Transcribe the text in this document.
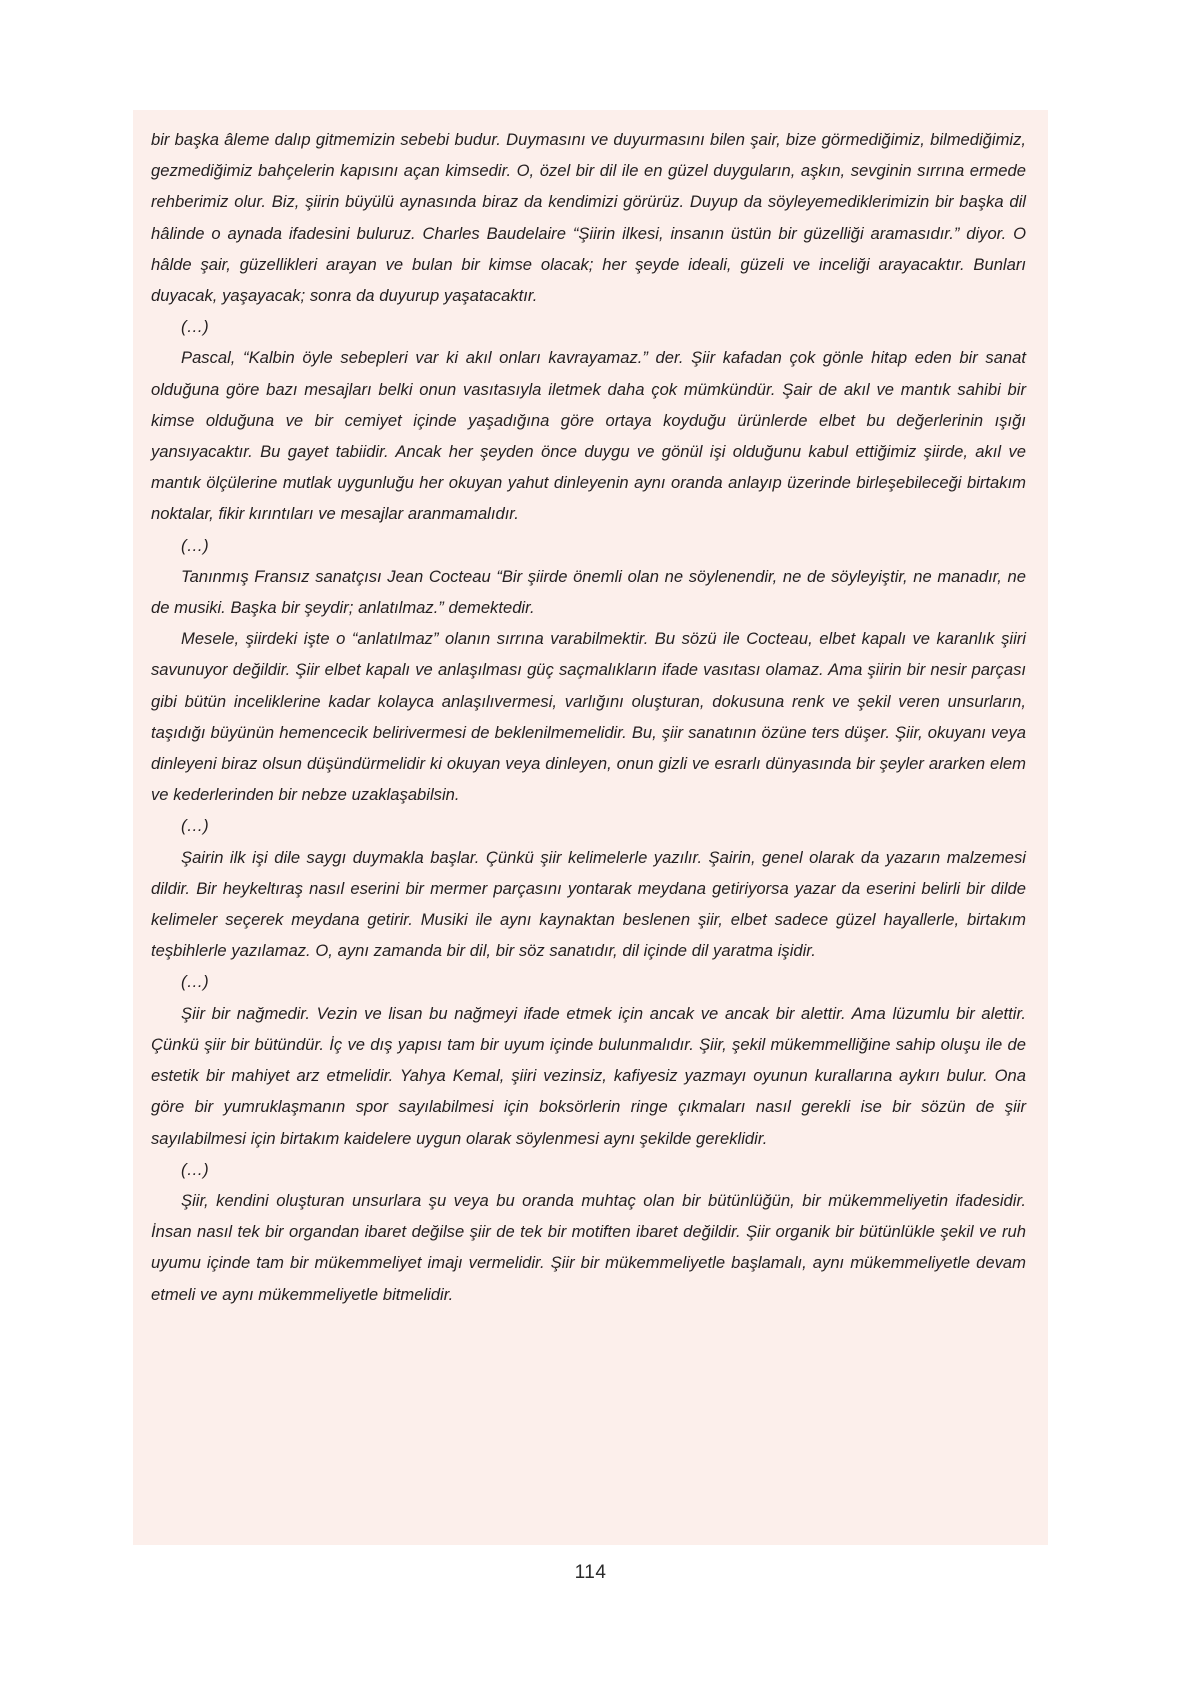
bir başka âleme dalıp gitmemizin sebebi budur. Duymasını ve duyurmasını bilen şair, bize görmediğimiz, bilmediğimiz, gezmediğimiz bahçelerin kapısını açan kimsedir. O, özel bir dil ile en güzel duyguların, aşkın, sevginin sırrına ermede rehberimiz olur. Biz, şiirin büyülü aynasında biraz da kendimizi görürüz. Duyup da söyleyemediklerimizin bir başka dil hâlinde o aynada ifadesini buluruz. Charles Baudelaire “Şiirin ilkesi, insanın üstün bir güzelliği aramasıdır.” diyor. O hâlde şair, güzellikleri arayan ve bulan bir kimse olacak; her şeyde ideali, güzeli ve inceliği arayacaktır. Bunları duyacak, yaşayacak; sonra da duyurup yaşatacaktır.

(…)

Pascal, “Kalbin öyle sebepleri var ki akıl onları kavrayamaz.” der. Şiir kafadan çok gönle hitap eden bir sanat olduğuna göre bazı mesajları belki onun vasıtasıyla iletmek daha çok mümkündür. Şair de akıl ve mantık sahibi bir kimse olduğuna ve bir cemiyet içinde yaşadığına göre ortaya koyduğu ürünlerde elbet bu değerlerinin ışığı yansıyacaktır. Bu gayet tabiidir. Ancak her şeyden önce duygu ve gönül işi olduğunu kabul ettiğimiz şiirde, akıl ve mantık ölçülerine mutlak uygunluğu her okuyan yahut dinleyenin aynı oranda anlayıp üzerinde birleşebileceği birtakım noktalar, fikir kırıntıları ve mesajlar aranmamalıdır.

(…)

Tanınmış Fransız sanatçısı Jean Cocteau “Bir şiirde önemli olan ne söylenendir, ne de söyleyiştir, ne manadır, ne de musiki. Başka bir şeydir; anlatılmaz.” demektedir.

Mesele, şiirdeki işte o “anlatılmaz” olanın sırrına varabilmektir. Bu sözü ile Cocteau, elbet kapalı ve karanlık şiiri savunuyor değildir. Şiir elbet kapalı ve anlaşılması güç saçmalıkların ifade vasıtası olamaz. Ama şiirin bir nesir parçası gibi bütün inceliklerine kadar kolayca anlaşılıvermesi, varlığını oluşturan, dokusuna renk ve şekil veren unsurların, taşıdığı büyünün hemencecik belirivermesi de beklenilmemelidir. Bu, şiir sanatının özüne ters düşer. Şiir, okuyanı veya dinleyeni biraz olsun düşündürmelidir ki okuyan veya dinleyen, onun gizli ve esrarlı dünyasında bir şeyler ararken elem ve kederlerinden bir nebze uzaklaşabilsin.

(…)

Şairin ilk işi dile saygı duymakla başlar. Çünkü şiir kelimelerle yazılır. Şairin, genel olarak da yazarın malzemesi dildir. Bir heykeltıraş nasıl eserini bir mermer parçasını yontarak meydana getiriyorsa yazar da eserini belirli bir dilde kelimeler seçerek meydana getirir. Musiki ile aynı kaynaktan beslenen şiir, elbet sadece güzel hayallerle, birtakım teşbihlerle yazılamaz. O, aynı zamanda bir dil, bir söz sanatıdır, dil içinde dil yaratma işidir.

(…)

Şiir bir nağmedir. Vezin ve lisan bu nağmeyi ifade etmek için ancak ve ancak bir alettir. Ama lüzumlu bir alettir. Çünkü şiir bir bütündür. İç ve dış yapısı tam bir uyum içinde bulunmalıdır. Şiir, şekil mükemmelliğine sahip oluşu ile de estetik bir mahiyet arz etmelidir. Yahya Kemal, şiiri vezinsiz, kafiyesiz yazmayı oyunun kurallarına aykırı bulur. Ona göre bir yumruklaşmanın spor sayılabilmesi için boksörlerin ringe çıkmaları nasıl gerekli ise bir sözün de şiir sayılabilmesi için birtakım kaidelere uygun olarak söylenmesi aynı şekilde gereklidir.

(…)

Şiir, kendini oluşturan unsurlara şu veya bu oranda muhtaç olan bir bütünlüğün, bir mükemmeliyetin ifadesidir. İnsan nasıl tek bir organdan ibaret değilse şiir de tek bir motiften ibaret değildir. Şiir organik bir bütünlükle şekil ve ruh uyumu içinde tam bir mükemmeliyet imajı vermelidir. Şiir bir mükemmeliyetle başlamalı, aynı mükemmeliyetle devam etmeli ve aynı mükemmeliyetle bitmelidir.

114
